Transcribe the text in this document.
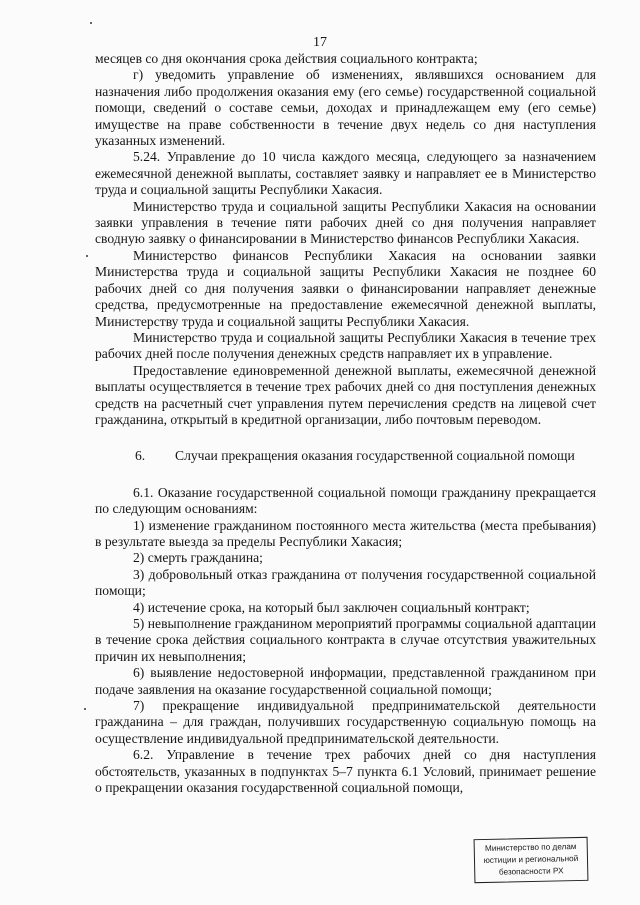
17

месяцев со дня окончания срока действия социального контракта;

г) уведомить управление об изменениях, являвшихся основанием для назначения либо продолжения оказания ему (его семье) государственной социальной помощи, сведений о составе семьи, доходах и принадлежащем ему (его семье) имуществе на праве собственности в течение двух недель со дня наступления указанных изменений.

5.24. Управление до 10 числа каждого месяца, следующего за назначением ежемесячной денежной выплаты, составляет заявку и направляет ее в Министерство труда и социальной защиты Республики Хакасия.

Министерство труда и социальной защиты Республики Хакасия на основании заявки управления в течение пяти рабочих дней со дня получения направляет сводную заявку о финансировании в Министерство финансов Республики Хакасия.

Министерство финансов Республики Хакасия на основании заявки Министерства труда и социальной защиты Республики Хакасия не позднее 60 рабочих дней со дня получения заявки о финансировании направляет денежные средства, предусмотренные на предоставление ежемесячной денежной выплаты, Министерству труда и социальной защиты Республики Хакасия.

Министерство труда и социальной защиты Республики Хакасия в течение трех рабочих дней после получения денежных средств направляет их в управление.

Предоставление единовременной денежной выплаты, ежемесячной денежной выплаты осуществляется в течение трех рабочих дней со дня поступления денежных средств на расчетный счет управления путем перечисления средств на лицевой счет гражданина, открытый в кредитной организации, либо почтовым переводом.

6. Случаи прекращения оказания государственной социальной помощи

6.1. Оказание государственной социальной помощи гражданину прекращается по следующим основаниям:

1) изменение гражданином постоянного места жительства (места пребывания) в результате выезда за пределы Республики Хакасия;

2) смерть гражданина;

3) добровольный отказ гражданина от получения государственной социальной помощи;

4) истечение срока, на который был заключен социальный контракт;

5) невыполнение гражданином мероприятий программы социальной адаптации в течение срока действия социального контракта в случае отсутствия уважительных причин их невыполнения;

6) выявление недостоверной информации, представленной гражданином при подаче заявления на оказание государственной социальной помощи;

7) прекращение индивидуальной предпринимательской деятельности гражданина – для граждан, получивших государственную социальную помощь на осуществление индивидуальной предпринимательской деятельности.

6.2. Управление в течение трех рабочих дней со дня наступления обстоятельств, указанных в подпунктах 5–7 пункта 6.1 Условий, принимает решение о прекращении оказания государственной социальной помощи,

Министерство по делам
юстиции и региональной
безопасности РХ
